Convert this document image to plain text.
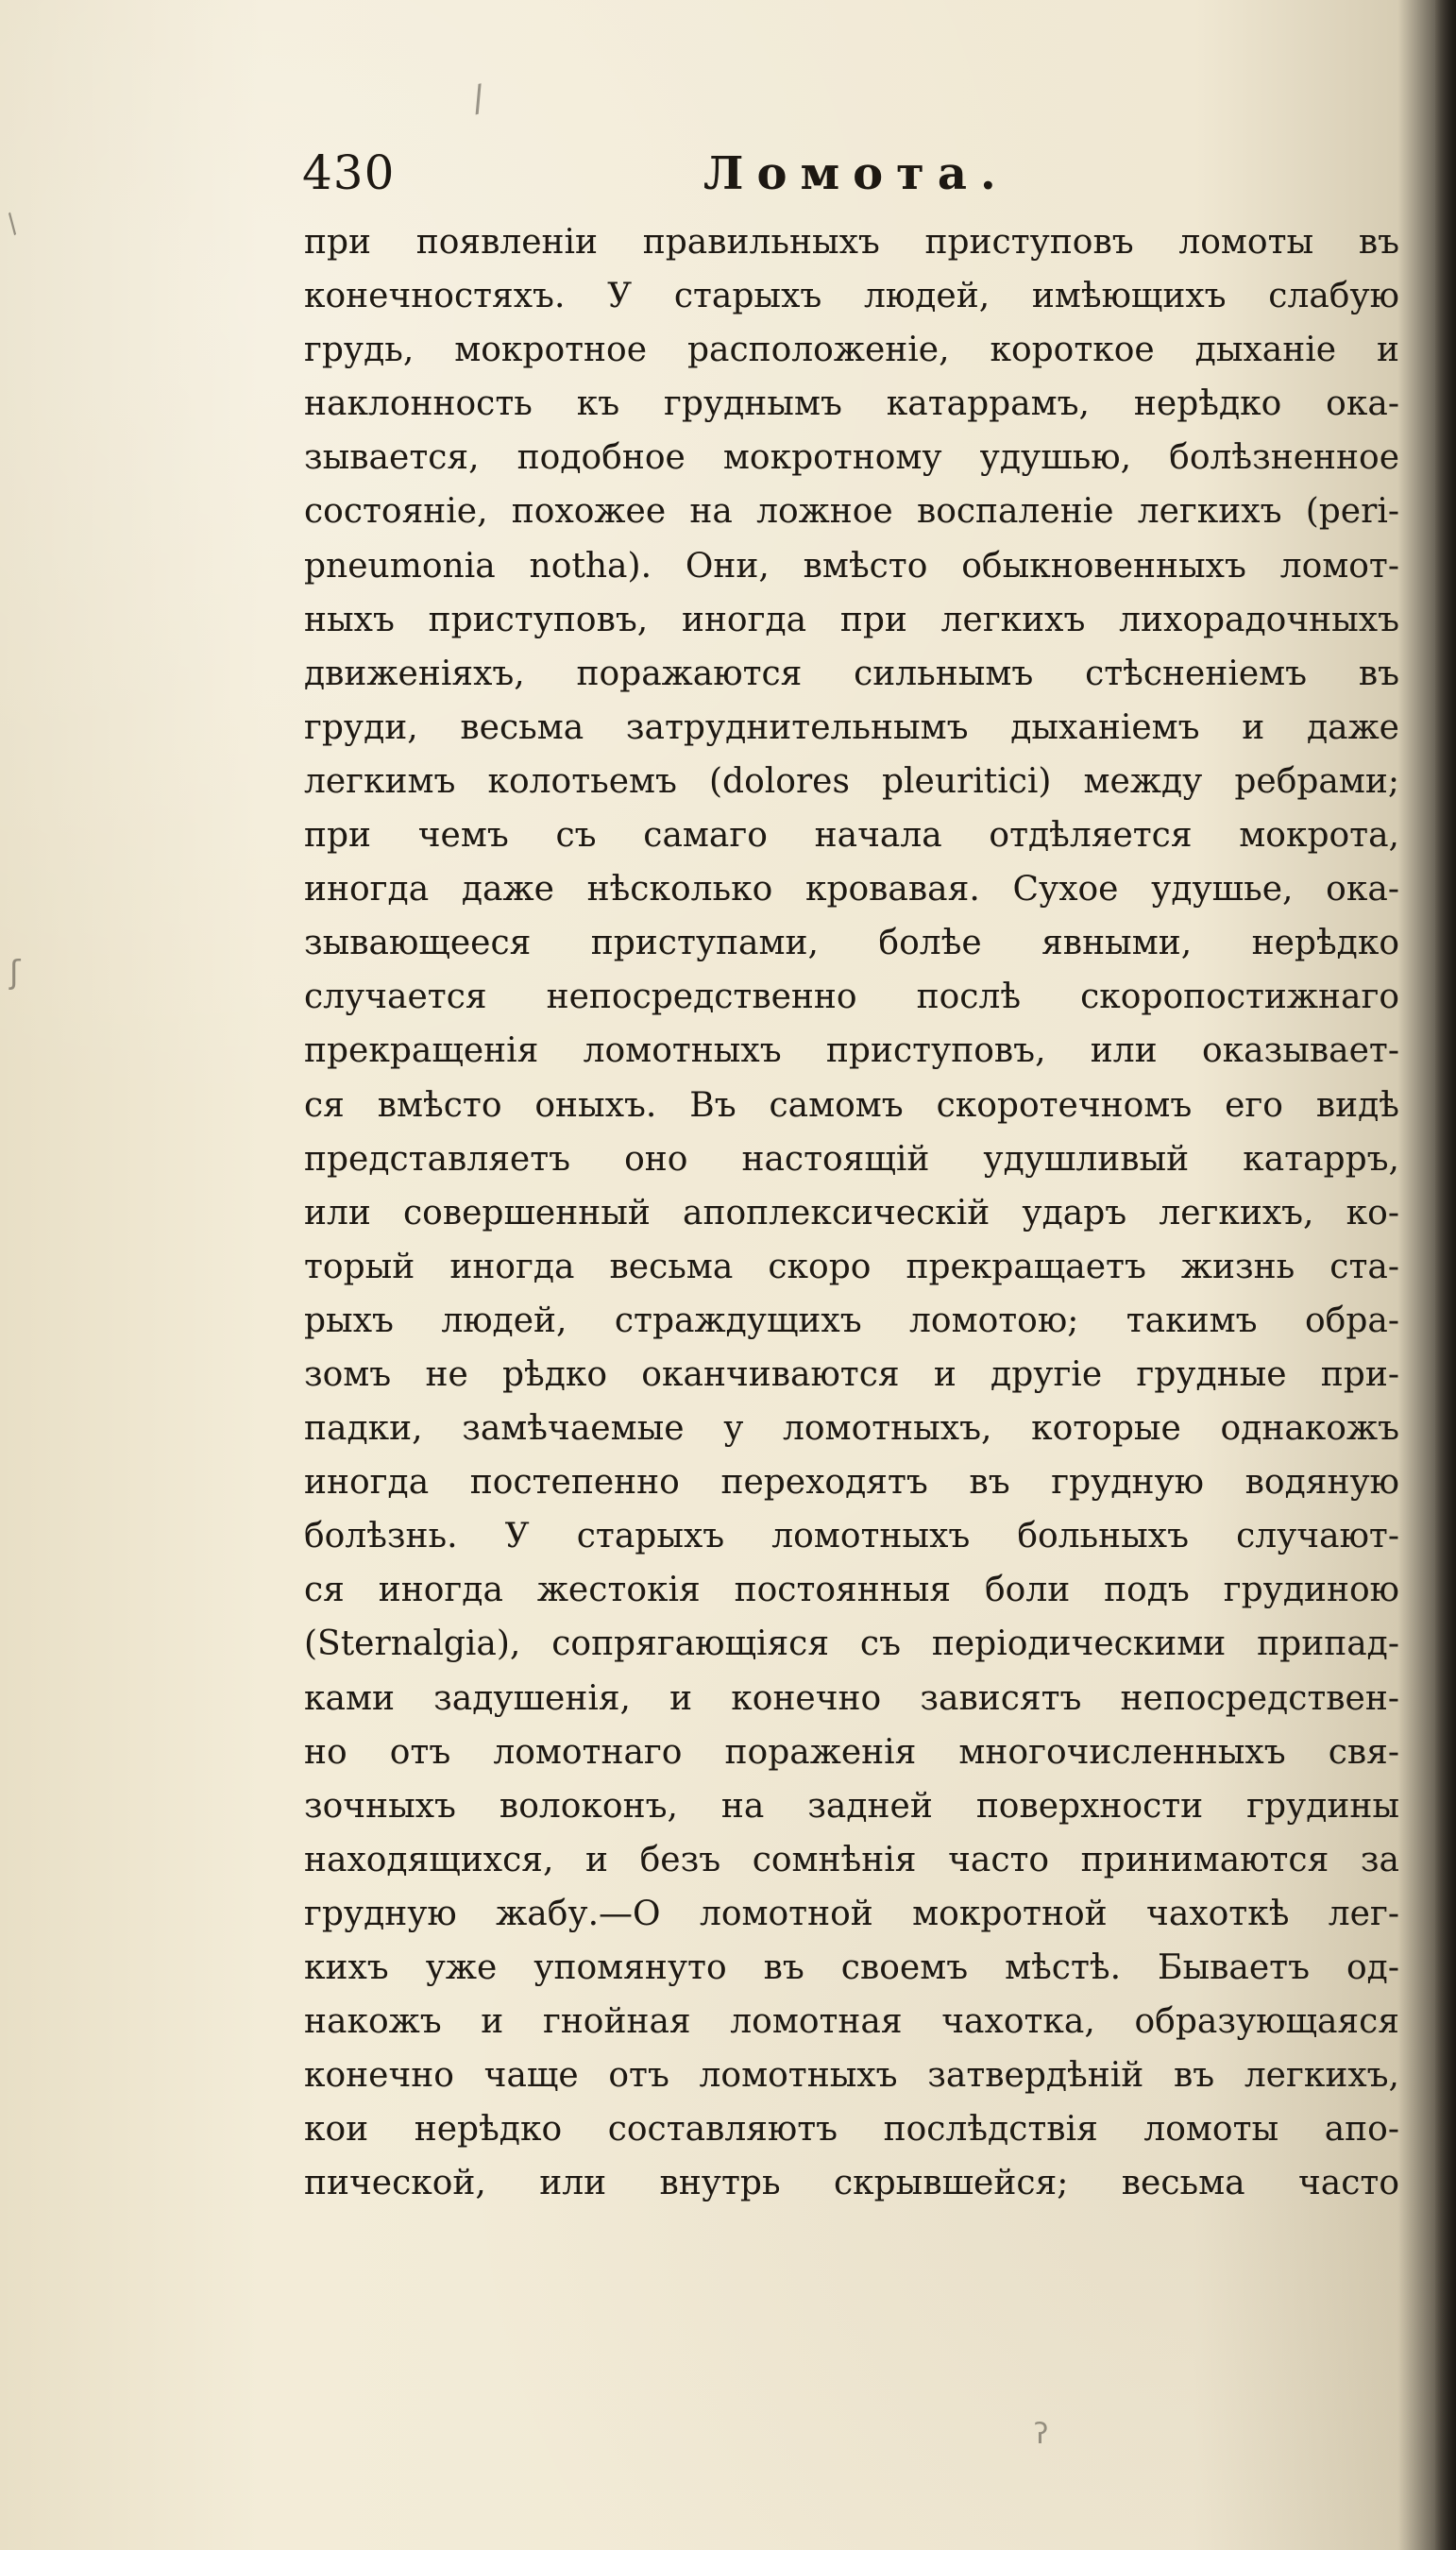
/
/
ʃ
ʔ
430	Ломота.
при появленіи правильныхъ приступовъ ломоты въ
конечностяхъ. У старыхъ людей, имѣющихъ слабую
грудь, мокротное расположеніе, короткое дыханіе и
наклонность къ груднымъ катаррамъ, нерѣдко ока-
зывается, подобное мокротному удушью, болѣзненное
состояніе, похожее на ложное воспаленіе легкихъ (peri-
pneumonia notha). Они, вмѣсто обыкновенныхъ ломот-
ныхъ приступовъ, иногда при легкихъ лихорадочныхъ
движеніяхъ, поражаются сильнымъ стѣсненіемъ въ
груди, весьма затруднительнымъ дыханіемъ и даже
легкимъ колотьемъ (dolores pleuritici) между ребрами;
при чемъ съ самаго начала отдѣляется мокрота,
иногда даже нѣсколько кровавая. Сухое удушье, ока-
зывающееся приступами, болѣе явными, нерѣдко
случается непосредственно послѣ скоропостижнаго
прекращенія ломотныхъ приступовъ, или оказывает-
ся вмѣсто оныхъ. Въ самомъ скоротечномъ его видѣ
представляетъ оно настоящій удушливый катарръ,
или совершенный апоплексическій ударъ легкихъ, ко-
торый иногда весьма скоро прекращаетъ жизнь ста-
рыхъ людей, страждущихъ ломотою; такимъ обра-
зомъ не рѣдко оканчиваются и другіе грудные при-
падки, замѣчаемые у ломотныхъ, которые однакожъ
иногда постепенно переходятъ въ грудную водяную
болѣзнь. У старыхъ ломотныхъ больныхъ случают-
ся иногда жестокія постоянныя боли подъ грудиною
(Sternalgia), сопрягающіяся съ періодическими припад-
ками задушенія, и конечно зависятъ непосредствен-
но отъ ломотнаго пораженія многочисленныхъ свя-
зочныхъ волоконъ, на задней поверхности грудины
находящихся, и безъ сомнѣнія часто принимаются за
грудную жабу.—О ломотной мокротной чахоткѣ лег-
кихъ уже упомянуто въ своемъ мѣстѣ. Бываетъ од-
накожъ и гнойная ломотная чахотка, образующаяся
конечно чаще отъ ломотныхъ затвердѣній въ легкихъ,
кои нерѣдко составляютъ послѣдствія ломоты апо-
пической, или внутрь скрывшейся; весьма часто
